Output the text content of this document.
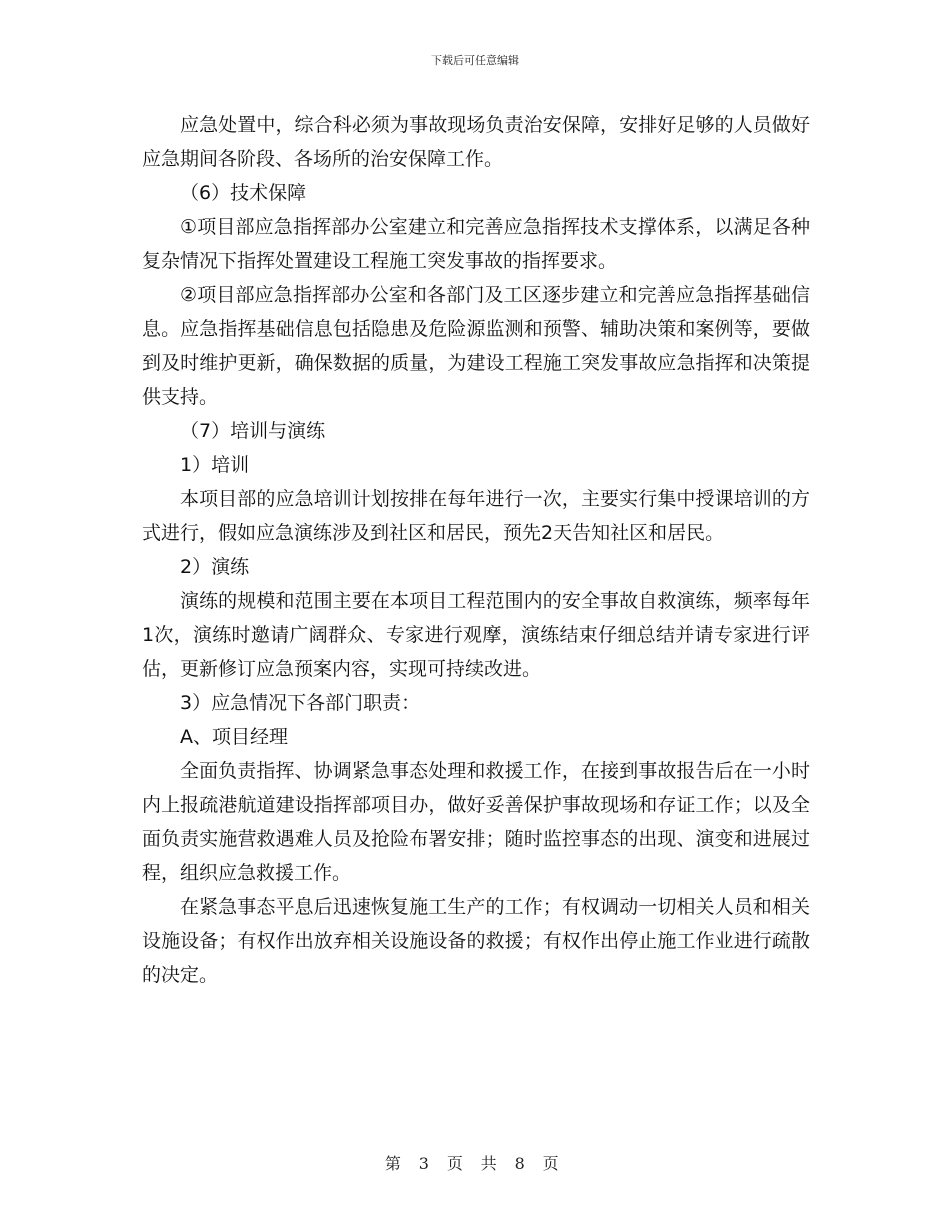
下载后可任意编辑

应急处置中，综合科必须为事故现场负责治安保障，安排好足够的人员做好应急期间各阶段、各场所的治安保障工作。

（6）技术保障

①项目部应急指挥部办公室建立和完善应急指挥技术支撑体系，以满足各种复杂情况下指挥处置建设工程施工突发事故的指挥要求。

②项目部应急指挥部办公室和各部门及工区逐步建立和完善应急指挥基础信息。应急指挥基础信息包括隐患及危险源监测和预警、辅助决策和案例等，要做到及时维护更新，确保数据的质量，为建设工程施工突发事故应急指挥和决策提供支持。

（7）培训与演练

1）培训

本项目部的应急培训计划按排在每年进行一次，主要实行集中授课培训的方式进行，假如应急演练涉及到社区和居民，预先2天告知社区和居民。

2）演练

演练的规模和范围主要在本项目工程范围内的安全事故自救演练，频率每年1次，演练时邀请广阔群众、专家进行观摩，演练结束仔细总结并请专家进行评估，更新修订应急预案内容，实现可持续改进。

3）应急情况下各部门职责：

A、项目经理

全面负责指挥、协调紧急事态处理和救援工作，在接到事故报告后在一小时内上报疏港航道建设指挥部项目办，做好妥善保护事故现场和存证工作；以及全面负责实施营救遇难人员及抢险布署安排；随时监控事态的出现、演变和进展过程，组织应急救援工作。

在紧急事态平息后迅速恢复施工生产的工作；有权调动一切相关人员和相关设施设备；有权作出放弃相关设施设备的救援；有权作出停止施工作业进行疏散的决定。

第 3 页 共 8 页
